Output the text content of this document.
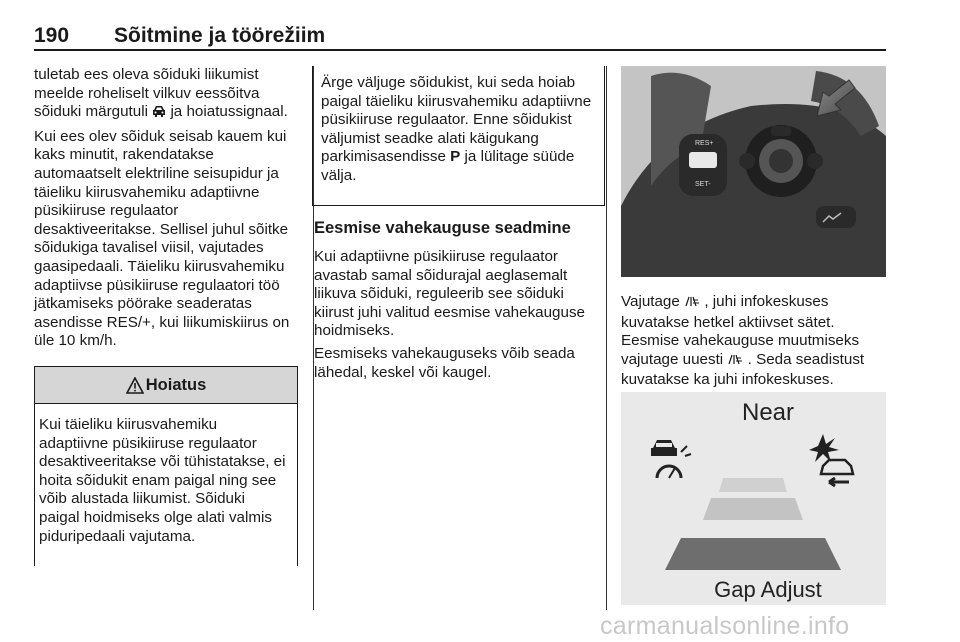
190 Sõitmine ja töörežiim

tuletab ees oleva sõiduki liikumist meelde roheliselt vilkuv eessõitva sõiduki märgutuli ja hoiatussignaal.

Kui ees olev sõiduk seisab kauem kui kaks minutit, rakendatakse automaatselt elektriline seisupidur ja täieliku kiirusvahemiku adaptiivne püsikiiruse regulaator desaktiveeritakse. Sellisel juhul sõitke sõidukiga tavalisel viisil, vajutades gaasipedaali. Täieliku kiirusvahemiku adaptiivse püsikiiruse regulaatori töö jätkamiseks pöörake seaderatas asendisse RES/+, kui liikumiskiirus on üle 10 km/h.

Hoiatus
Kui täieliku kiirusvahemiku adaptiivne püsikiiruse regulaator desaktiveeritakse või tühistatakse, ei hoita sõidukit enam paigal ning see võib alustada liikumist. Sõiduki paigal hoidmiseks olge alati valmis piduripedaali vajutama.
Ärge väljuge sõidukist, kui seda hoiab paigal täieliku kiirusvahemiku adaptiivne püsikiiruse regulaator. Enne sõidukist väljumist seadke alati käigukang parkimisasendisse P ja lülitage süüde välja.
Eesmise vahekauguse seadmine

Kui adaptiivne püsikiiruse regulaator avastab samal sõidurajal aeglasemalt liikuva sõiduki, reguleerib see sõiduki kiirust juhi valitud eesmise vahekauguse hoidmiseks.

Eesmiseks vahekauguseks võib seada lähedal, keskel või kaugel.

RES+
SET-
Vajutage , juhi infokeskuses kuvatakse hetkel aktiivset sätet. Eesmise vahekauguse muutmiseks vajutage uuesti . Seda seadistust kuvatakse ka juhi infokeskuses.
Near
Gap Adjust
carmanualsonline.info
